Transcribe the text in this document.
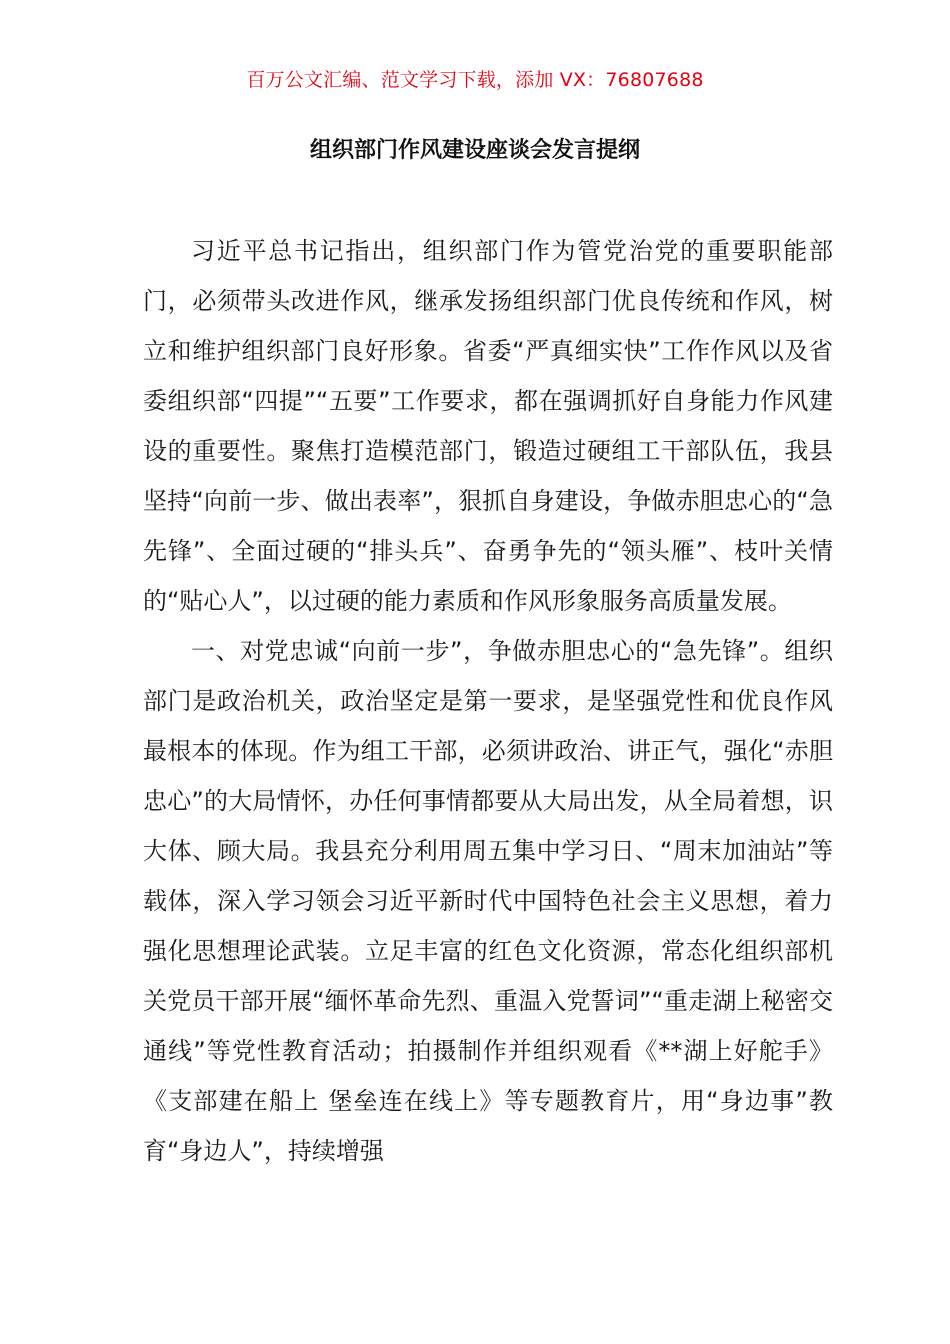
百万公文汇编、范文学习下载，添加 VX：76807688
组织部门作风建设座谈会发言提纲

习近平总书记指出，组织部门作为管党治党的重要职能部门，必须带头改进作风，继承发扬组织部门优良传统和作风，树立和维护组织部门良好形象。省委“严真细实快”工作作风以及省委组织部“四提”“五要”工作要求，都在强调抓好自身能力作风建设的重要性。聚焦打造模范部门，锻造过硬组工干部队伍，我县坚持“向前一步、做出表率”，狠抓自身建设，争做赤胆忠心的“急先锋”、全面过硬的“排头兵”、奋勇争先的“领头雁”、枝叶关情的“贴心人”，以过硬的能力素质和作风形象服务高质量发展。

一、对党忠诚“向前一步”，争做赤胆忠心的“急先锋”。组织部门是政治机关，政治坚定是第一要求，是坚强党性和优良作风最根本的体现。作为组工干部，必须讲政治、讲正气，强化“赤胆忠心”的大局情怀，办任何事情都要从大局出发，从全局着想，识大体、顾大局。我县充分利用周五集中学习日、“周末加油站”等载体，深入学习领会习近平新时代中国特色社会主义思想，着力强化思想理论武装。立足丰富的红色文化资源，常态化组织部机关党员干部开展“缅怀革命先烈、重温入党誓词”“重走湖上秘密交通线”等党性教育活动；拍摄制作并组织观看《**湖上好舵手》《支部建在船上 堡垒连在线上》等专题教育片，用“身边事”教育“身边人”，持续增强
